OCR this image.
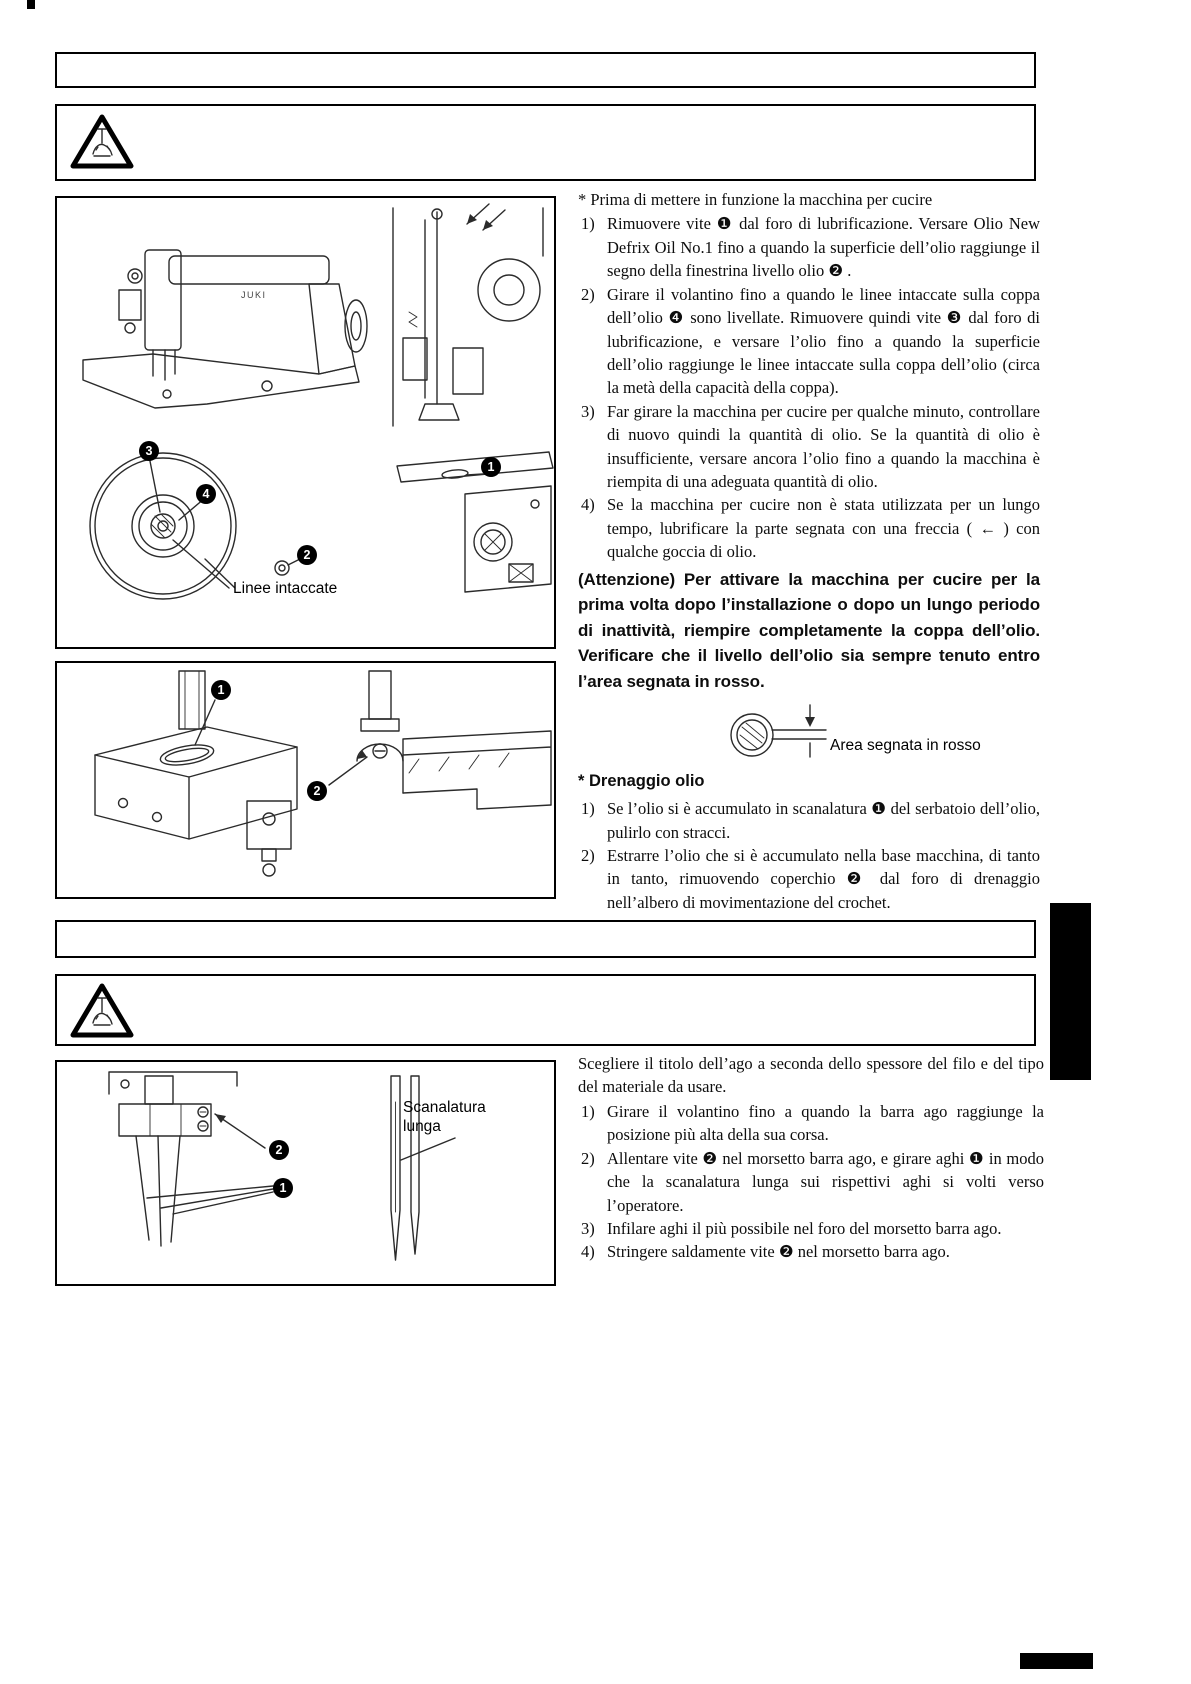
JUKI
3
4
2
1
Linee intaccate
1
2

* Prima di mettere in funzione la macchina per cucire

1) Rimuovere vite ❶ dal foro di lubrificazione. Versare Olio New Defrix Oil No.1 fino a quando la superficie dell’olio raggiunge il segno della finestrina livello olio ❷ .
2) Girare il volantino fino a quando le linee intaccate sulla coppa dell’olio ❹ sono livellate. Rimuovere quindi vite ❸ dal foro di lubrificazione, e versare l’olio fino a quando la superficie dell’olio raggiunge le linee intaccate sulla coppa dell’olio (circa la metà della capacità della coppa).
3) Far girare la macchina per cucire per qualche minuto, controllare di nuovo quindi la quantità di olio. Se la quantità di olio è insufficiente, versare ancora l’olio fino a quando la macchina è riempita di una adeguata quantità di olio.
4) Se la macchina per cucire non è stata utilizzata per un lungo tempo, lubrificare la parte segnata con una freccia ( ← ) con qualche goccia di olio.

(Attenzione) Per attivare la macchina per cucire per la prima volta dopo l’installazione o dopo un lungo periodo di inattività, riempire completamente la coppa dell’olio. Verificare che il livello dell’olio sia sempre tenuto entro l’area segnata in rosso.

Area segnata in rosso

* Drenaggio olio

1) Se l’olio si è accumulato in scanalatura ❶ del serbatoio dell’olio, pulirlo con stracci.
2) Estrarre l’olio che si è accumulato nella base macchina, di tanto in tanto, rimuovendo coperchio ❷ dal foro di drenaggio nell’albero di movimentazione del crochet.
2
1
Scanalatura lunga

Scegliere il titolo dell’ago a seconda dello spessore del filo e del tipo del materiale da usare.

1) Girare il volantino fino a quando la barra ago raggiunge la posizione più alta della sua corsa.
2) Allentare vite ❷ nel morsetto barra ago, e girare aghi ❶ in modo che la scanalatura lunga sui rispettivi aghi si volti verso l’operatore.
3) Infilare aghi il più possibile nel foro del morsetto barra ago.
4) Stringere saldamente vite ❷ nel morsetto barra ago.
